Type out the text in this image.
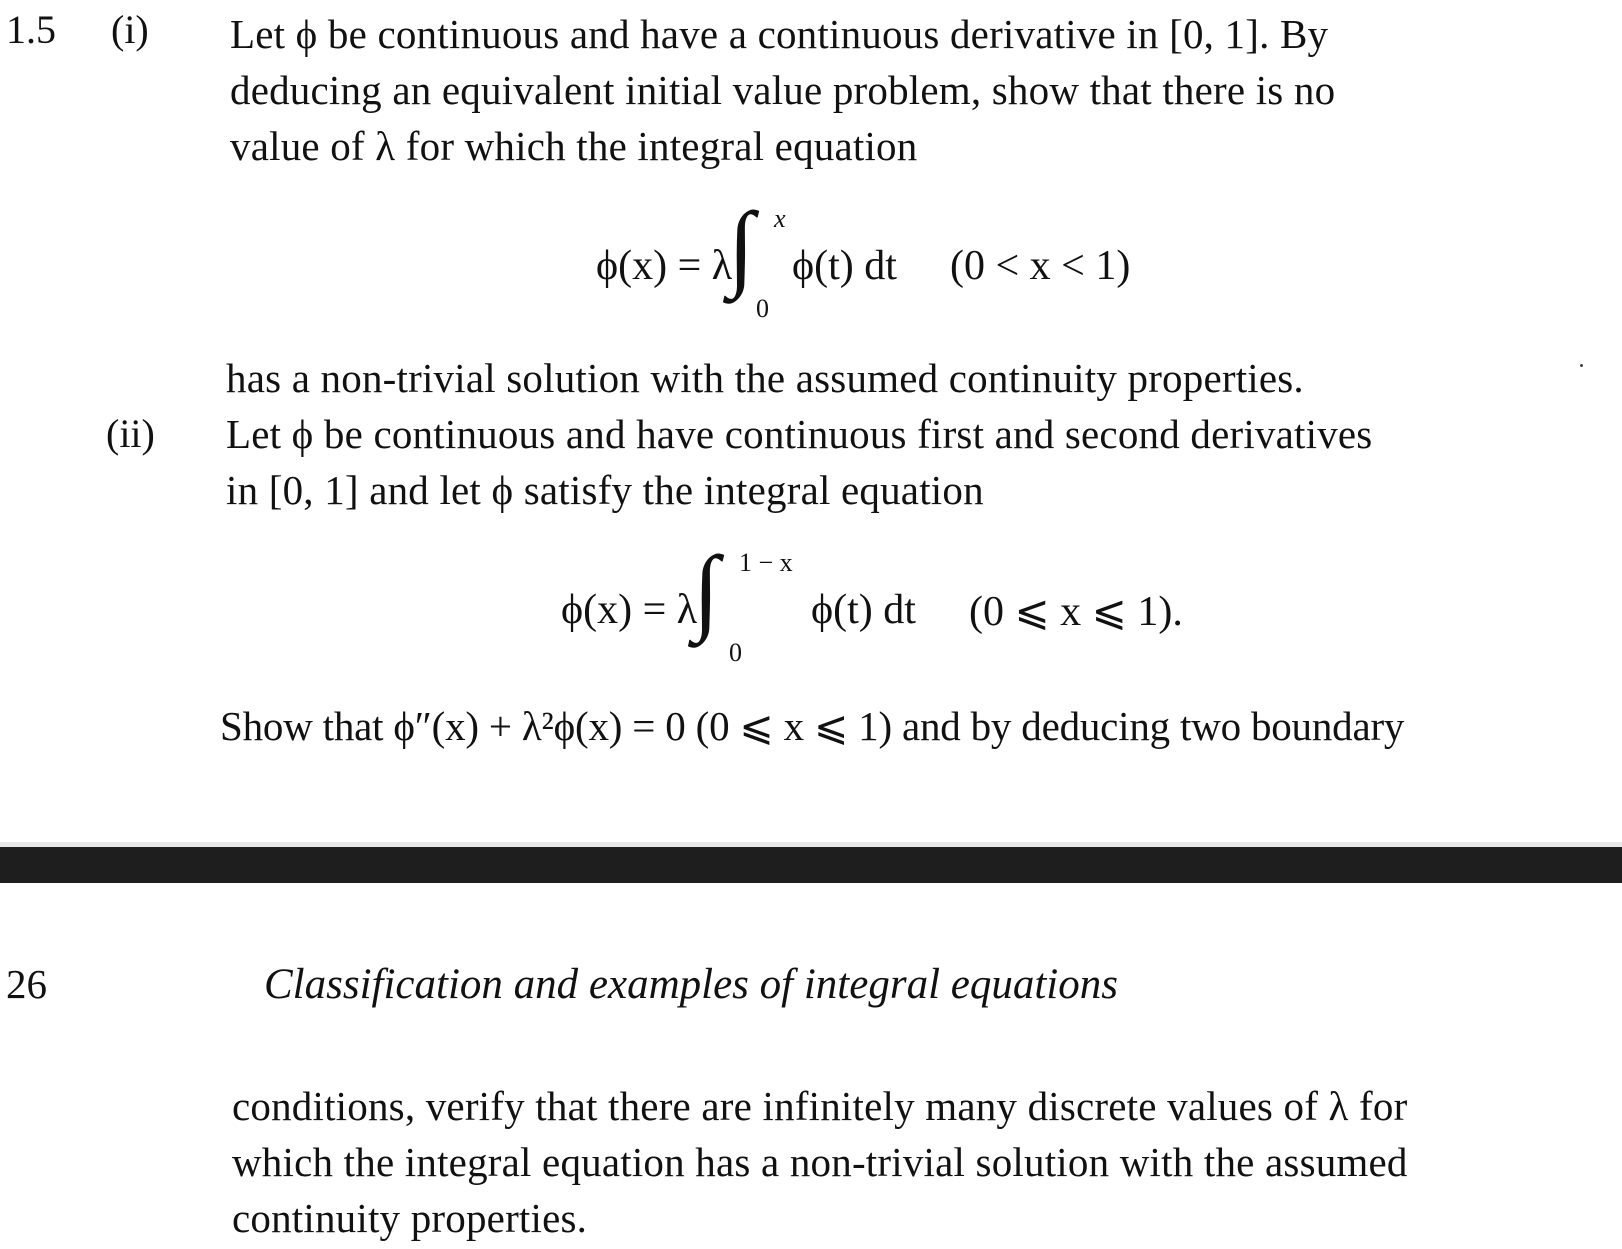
1.5 (i) Let ϕ be continuous and have a continuous derivative in [0, 1]. By
deducing an equivalent initial value problem, show that there is no
value of λ for which the integral equation
ϕ(x) = λ
∫ x
0
ϕ(t) dt (0 < x < 1)
has a non-trivial solution with the assumed continuity properties.
(ii) Let ϕ be continuous and have continuous first and second derivatives
in [0, 1] and let ϕ satisfy the integral equation
ϕ(x) = λ
∫ 1 − x
0
ϕ(t) dt (0 ⩽ x ⩽ 1).
Show that ϕ″(x) + λ²ϕ(x) = 0 (0 ⩽ x ⩽ 1) and by deducing two boundary
26	Classification and examples of integral equations
conditions, verify that there are infinitely many discrete values of λ for
which the integral equation has a non-trivial solution with the assumed
continuity properties.
